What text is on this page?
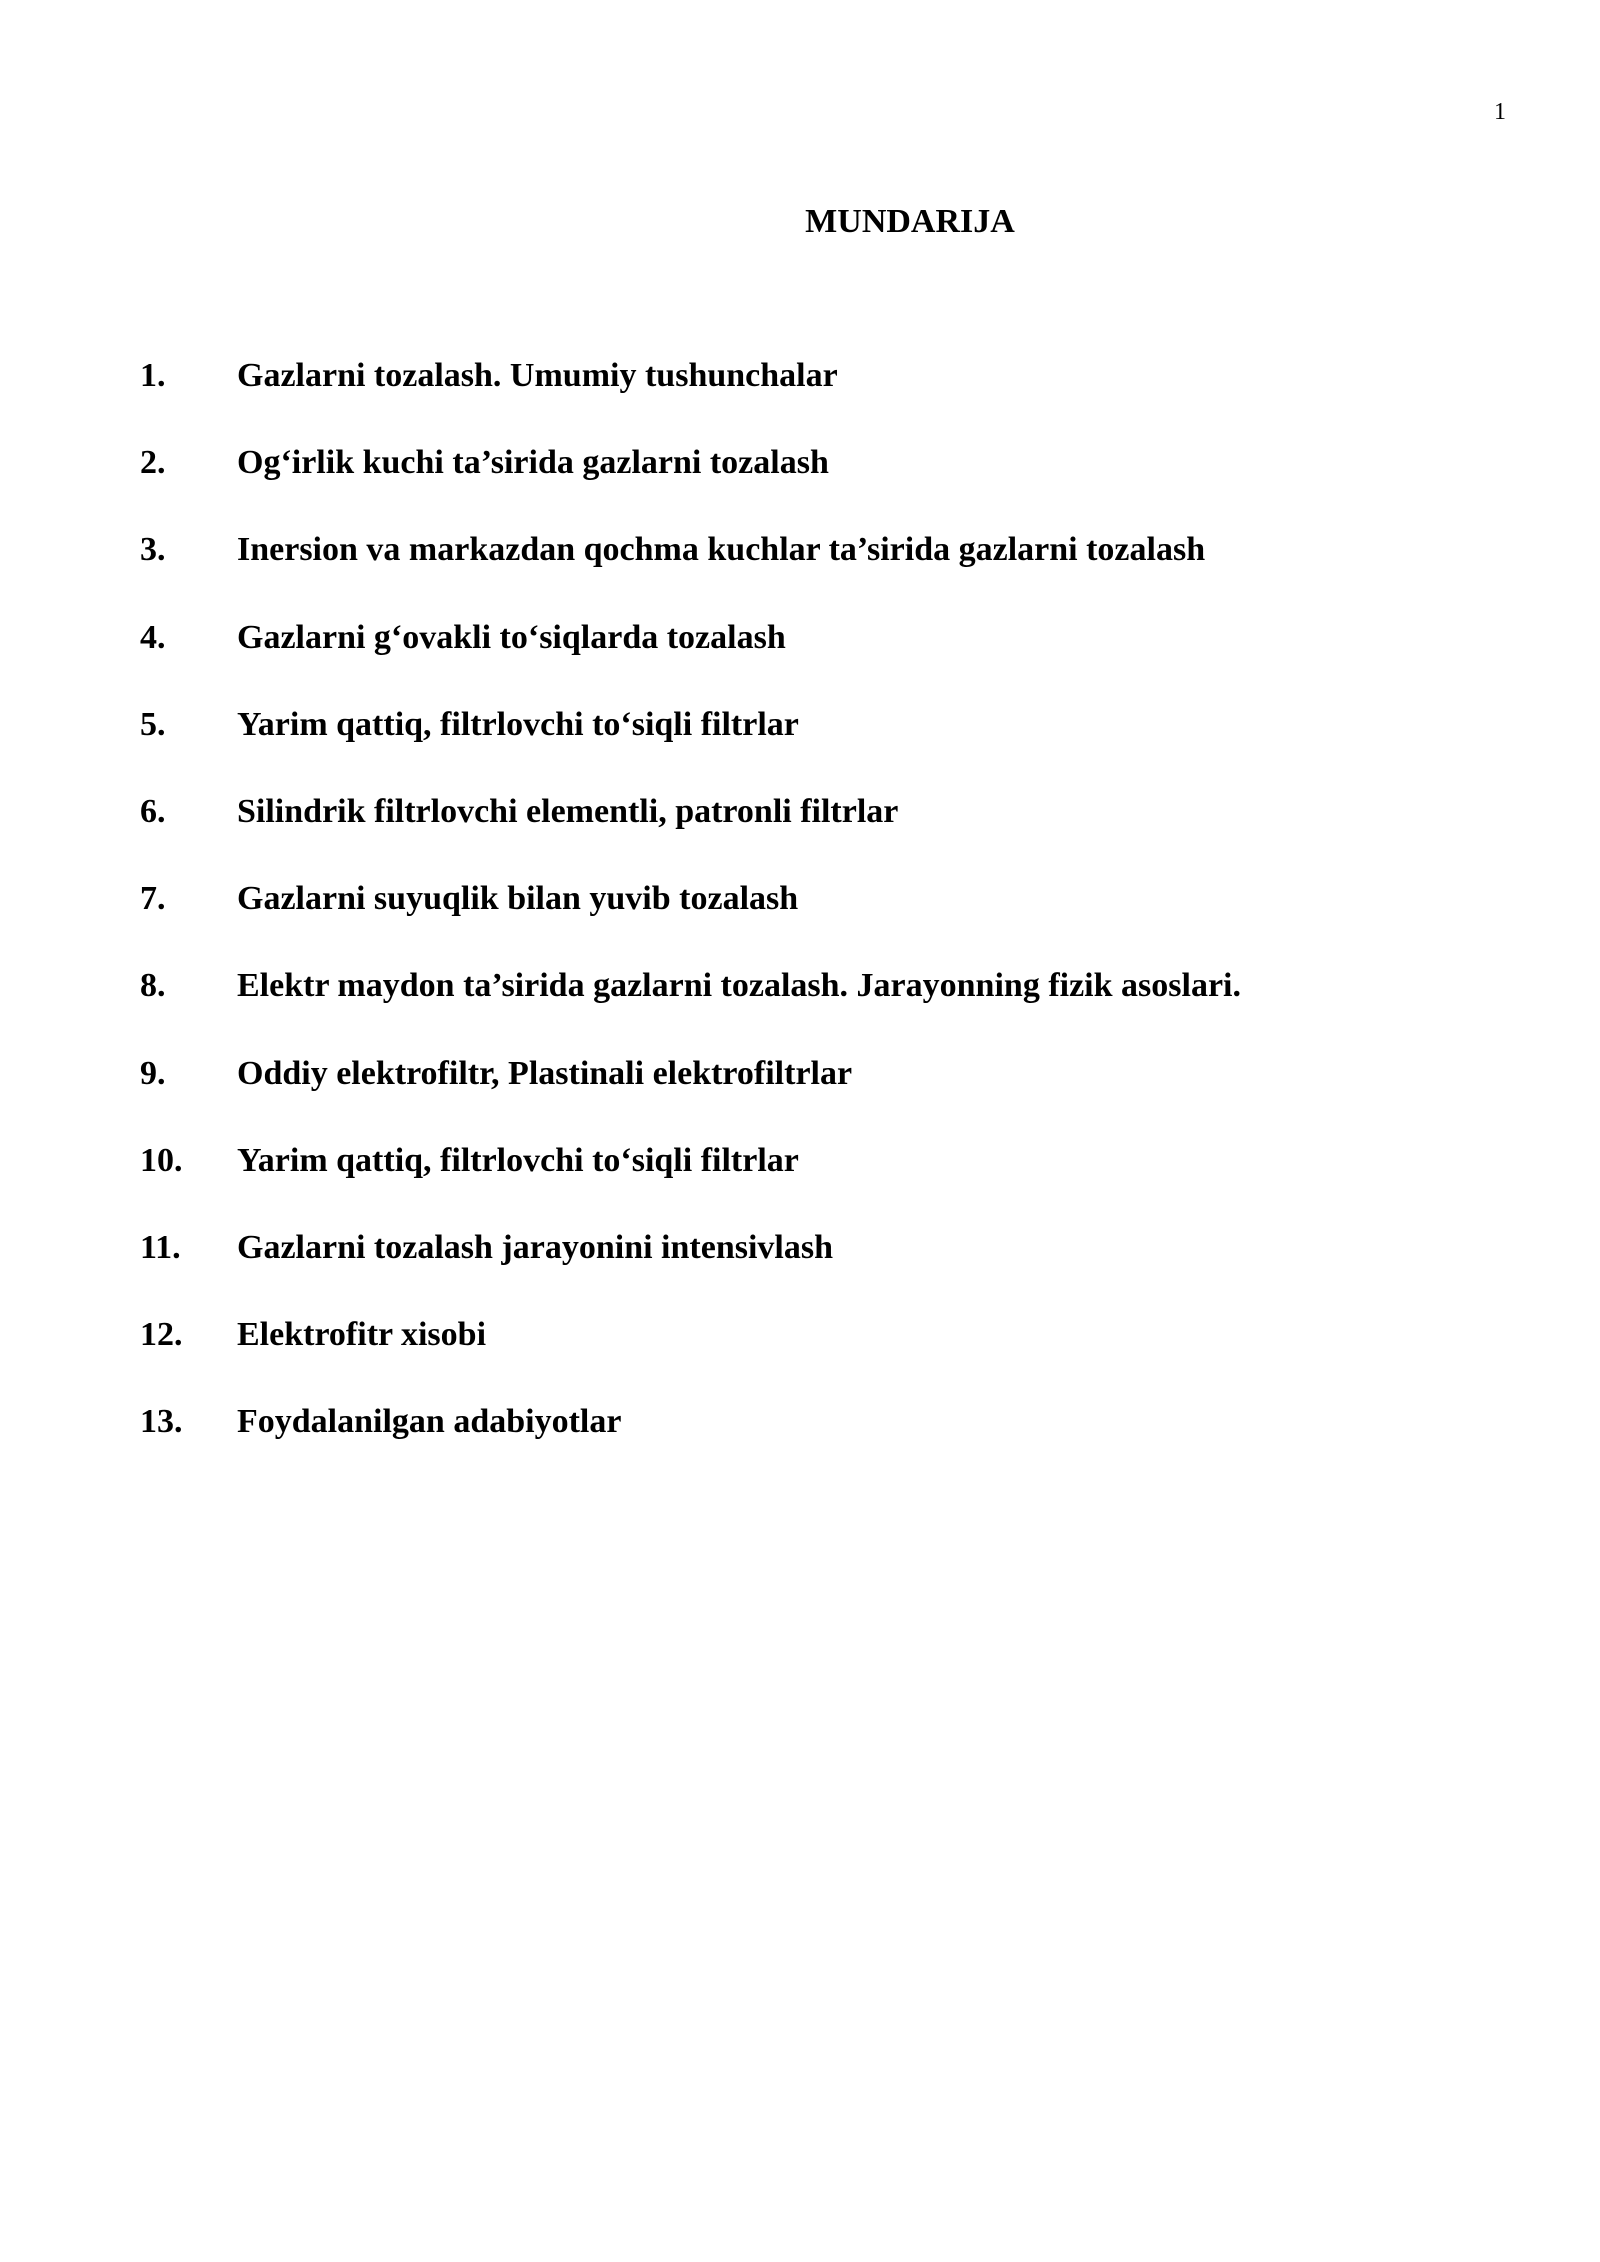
1
MUNDARIJA
1.	Gazlarni tozalash. Umumiy tushunchalar
2.	Og‘irlik kuchi ta’sirida gazlarni tozalash
3.	Inersion va markazdan qochma kuchlar ta’sirida gazlarni tozalash
4.	Gazlarni g‘ovakli to‘siqlarda tozalash
5.	Yarim qattiq, filtrlovchi to‘siqli filtrlar
6.	Silindrik filtrlovchi elementli, patronli filtrlar
7.	Gazlarni suyuqlik bilan yuvib tozalash
8.	Elektr maydon ta’sirida gazlarni tozalash. Jarayonning fizik asoslari.
9.	Oddiy elektrofiltr, Plastinali elektrofiltrlar
10.	Yarim qattiq, filtrlovchi to‘siqli filtrlar
11.	Gazlarni tozalash jarayonini intensivlash
12.	Elektrofitr xisobi
13.	Foydalanilgan adabiyotlar
